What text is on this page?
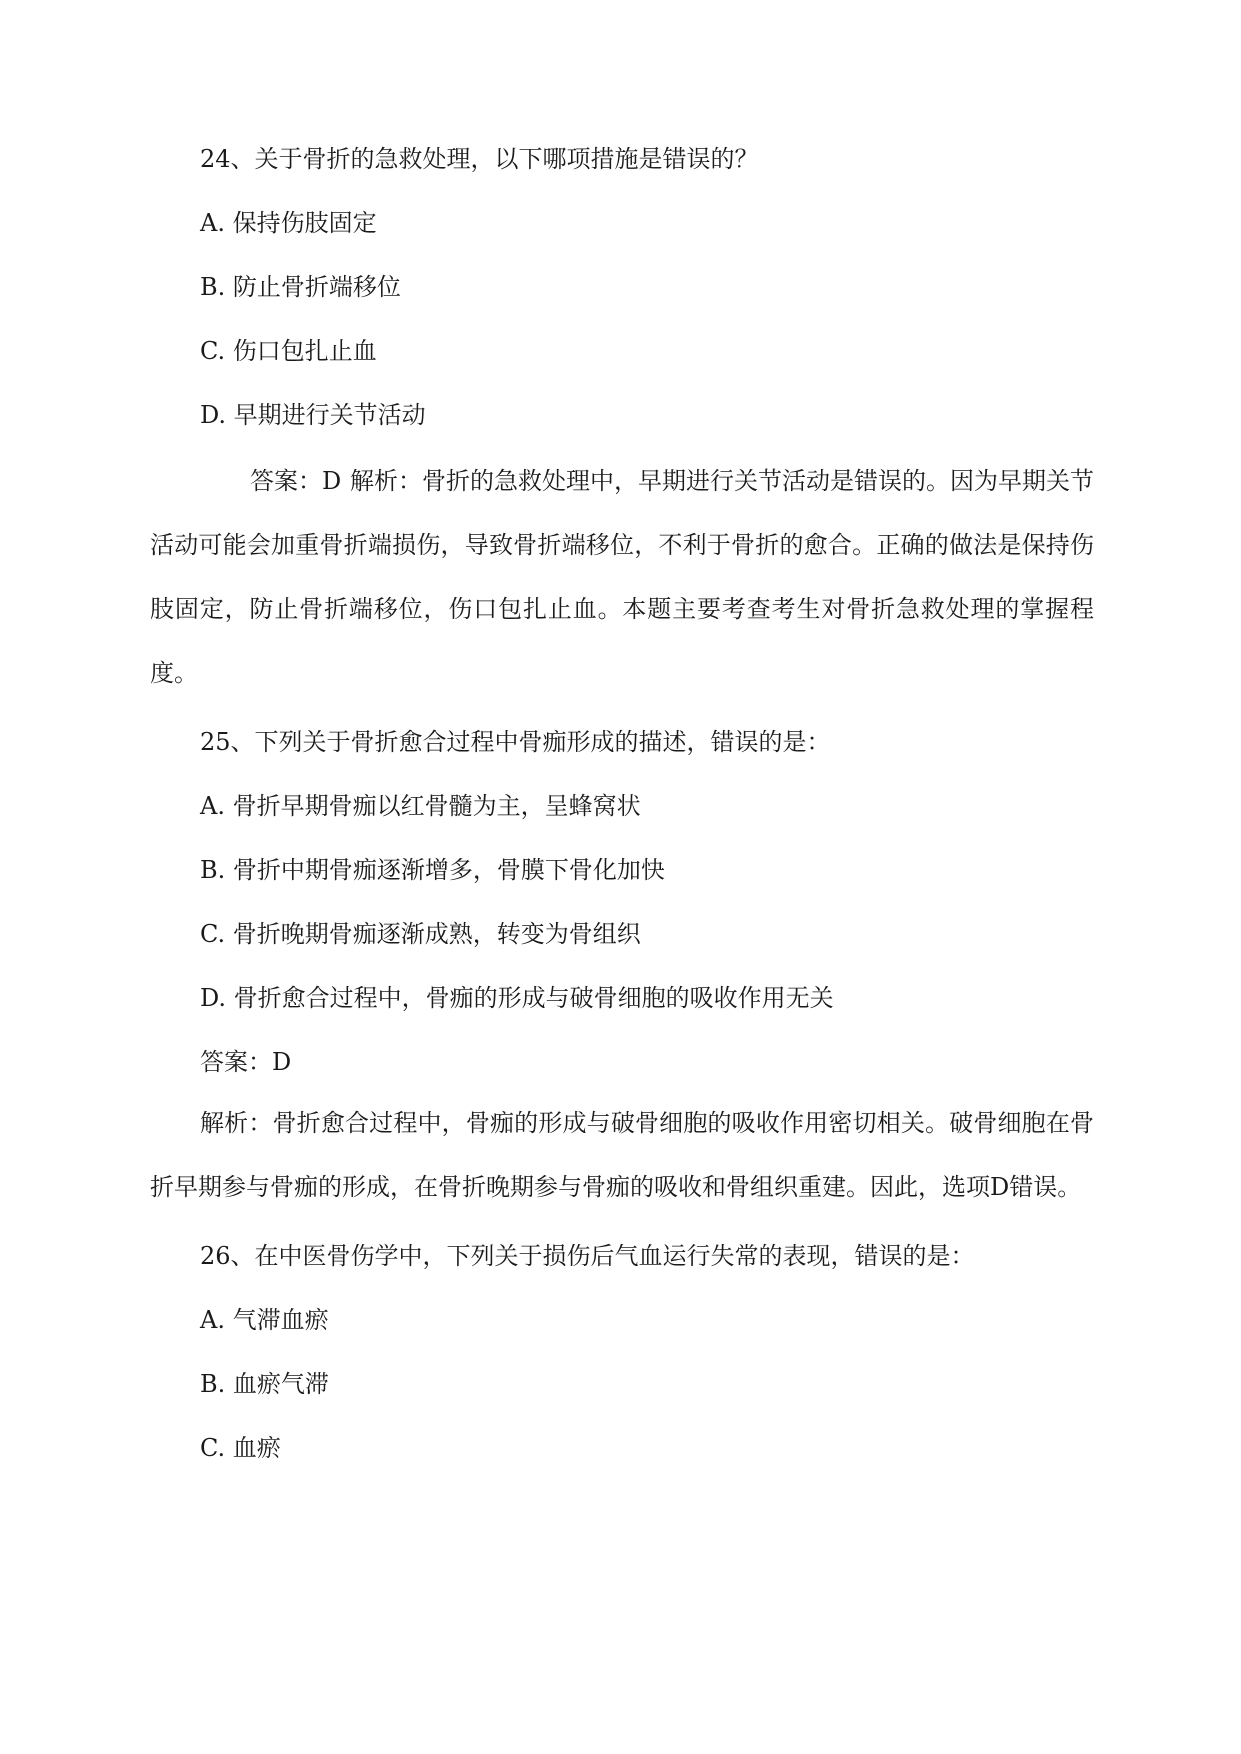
24、关于骨折的急救处理，以下哪项措施是错误的？

A. 保持伤肢固定

B. 防止骨折端移位

C. 伤口包扎止血

D. 早期进行关节活动

答案：D 解析：骨折的急救处理中，早期进行关节活动是错误的。因为早期关节活动可能会加重骨折端损伤，导致骨折端移位，不利于骨折的愈合。正确的做法是保持伤肢固定，防止骨折端移位，伤口包扎止血。本题主要考查考生对骨折急救处理的掌握程度。

25、下列关于骨折愈合过程中骨痂形成的描述，错误的是：

A. 骨折早期骨痂以红骨髓为主，呈蜂窝状

B. 骨折中期骨痂逐渐增多，骨膜下骨化加快

C. 骨折晚期骨痂逐渐成熟，转变为骨组织

D. 骨折愈合过程中，骨痂的形成与破骨细胞的吸收作用无关

答案：D

解析：骨折愈合过程中，骨痂的形成与破骨细胞的吸收作用密切相关。破骨细胞在骨折早期参与骨痂的形成，在骨折晚期参与骨痂的吸收和骨组织重建。因此，选项D错误。

26、在中医骨伤学中，下列关于损伤后气血运行失常的表现，错误的是：

A. 气滞血瘀

B. 血瘀气滞

C. 血瘀
